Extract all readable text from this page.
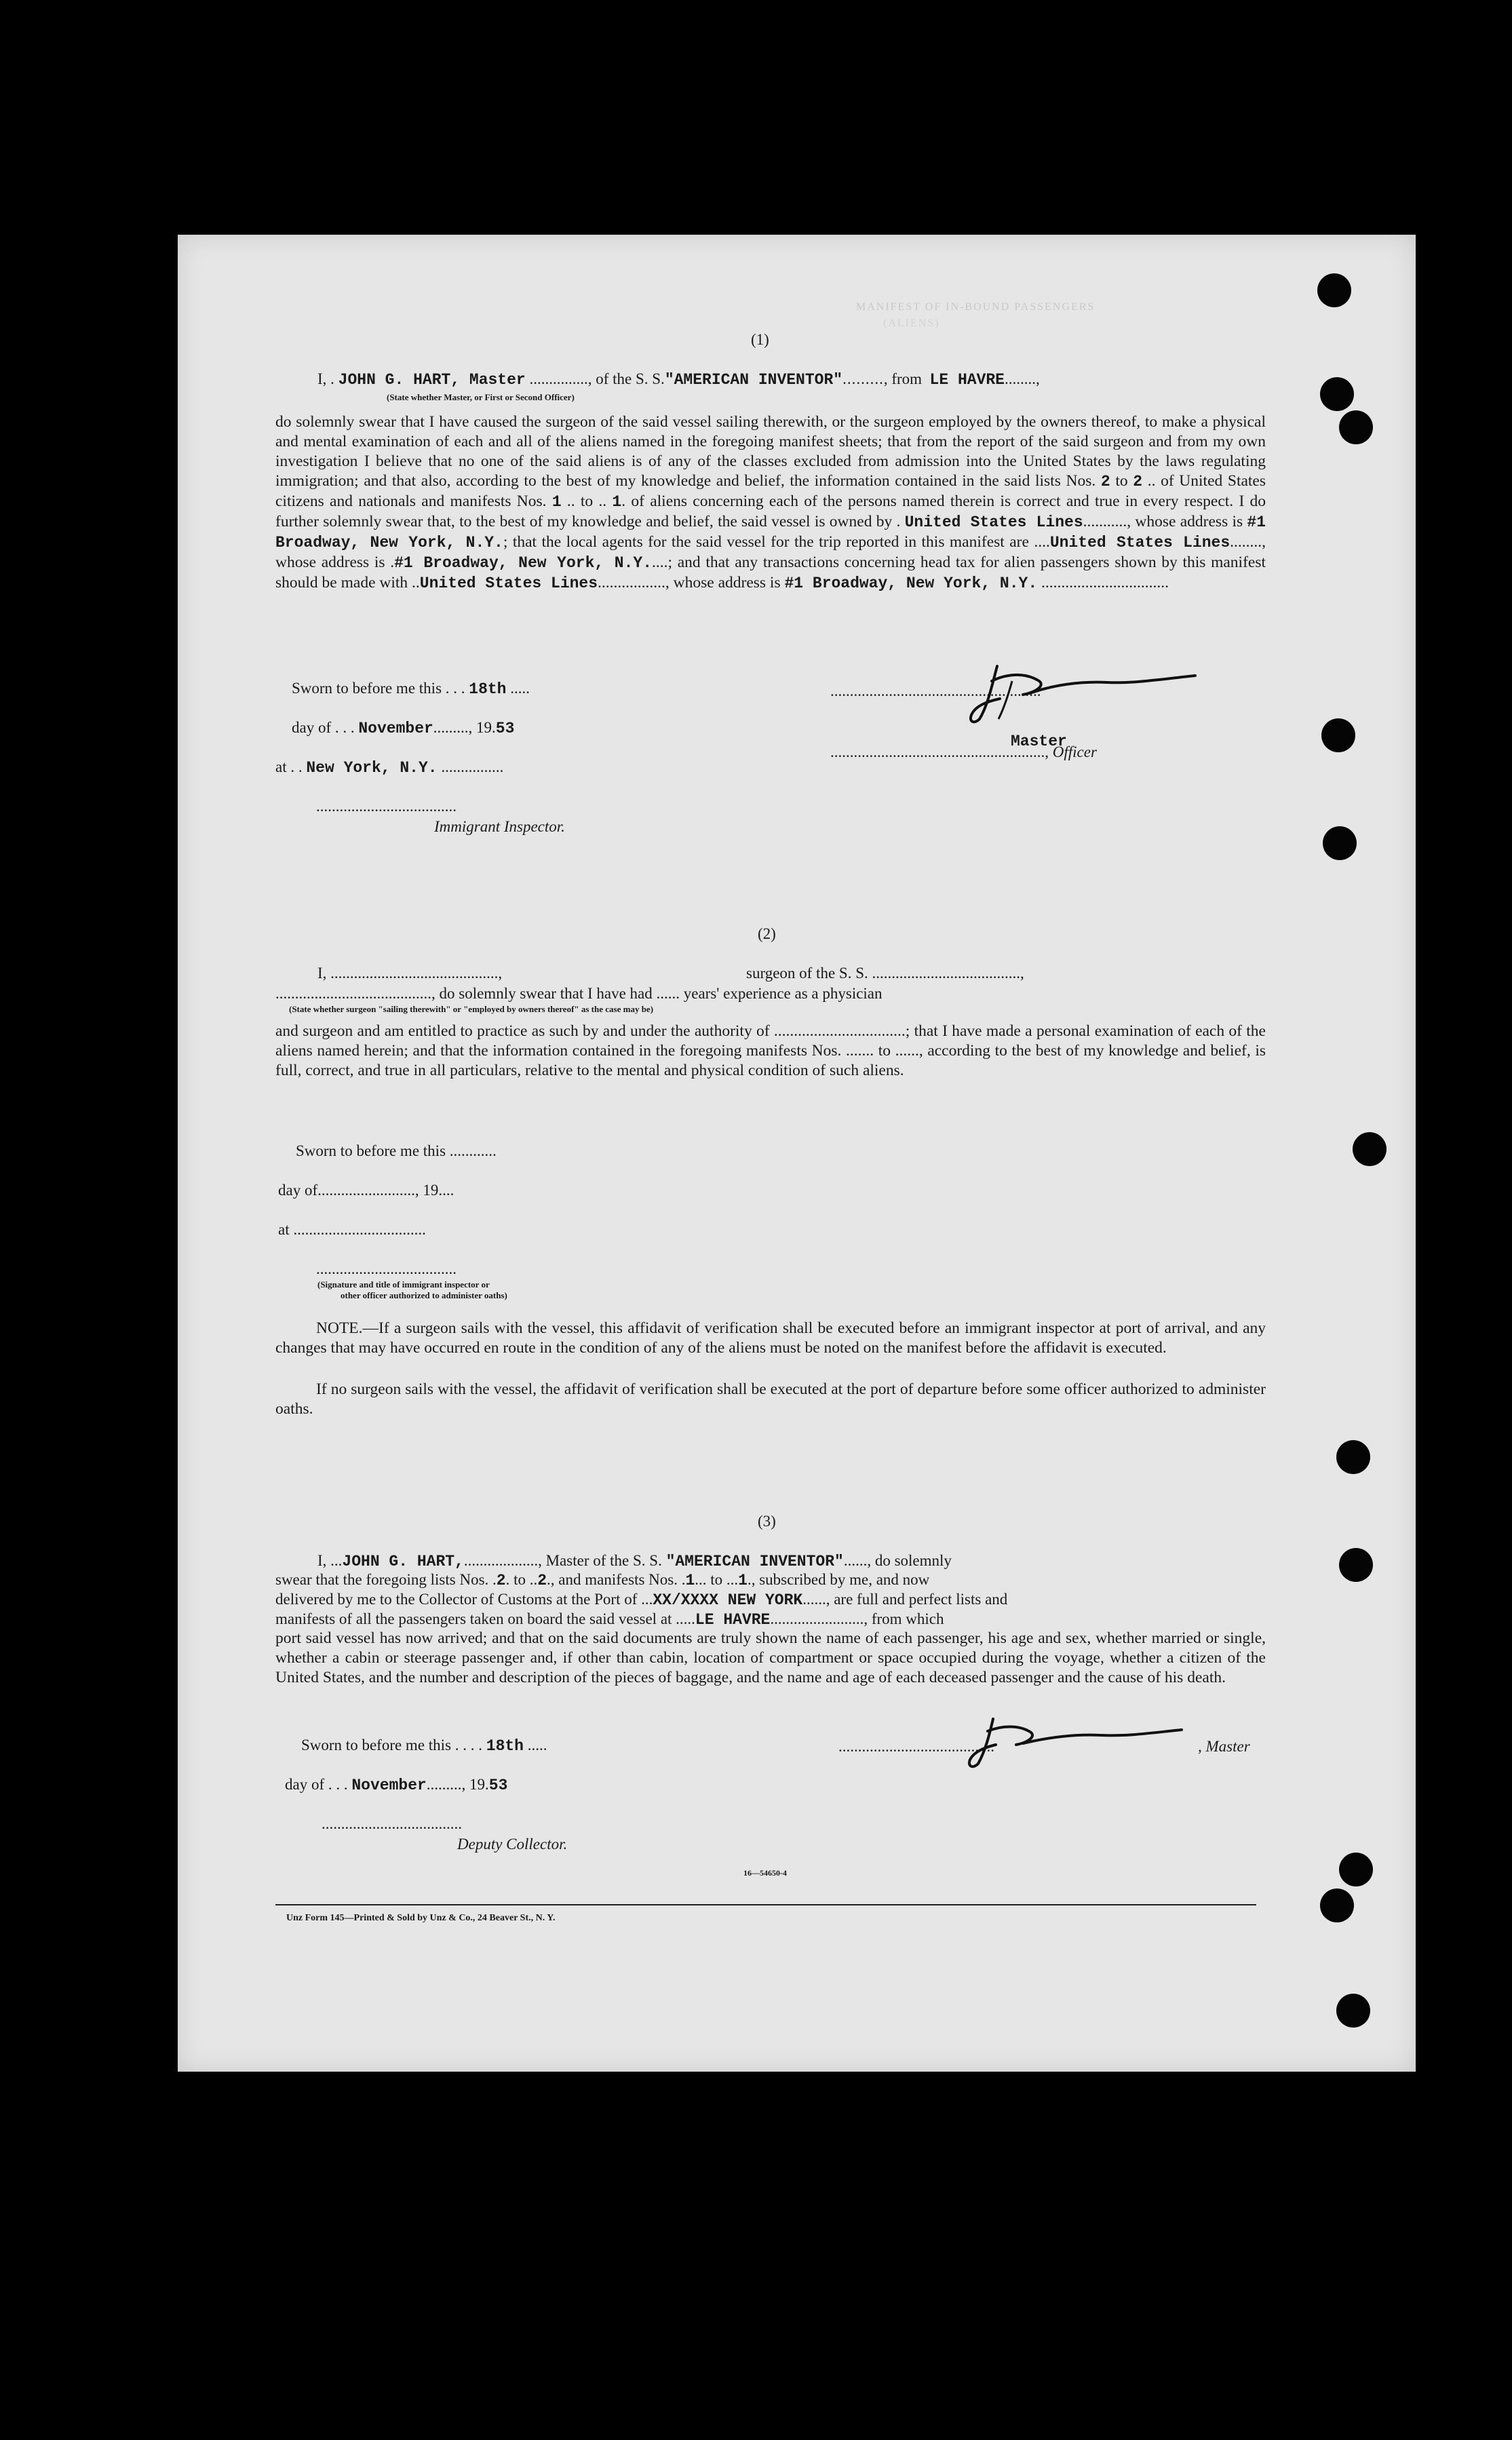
MANIFEST OF IN-BOUND PASSENGERS
(ALIENS)
(1)
I, . JOHN G. HART, Master ..............., of the S. S."AMERICAN INVENTOR"........., from LE HAVRE........,
(State whether Master, or First or Second Officer)
do solemnly swear that I have caused the surgeon of the said vessel sailing therewith, or the surgeon employed by the owners thereof, to make a physical and mental examination of each and all of the aliens named in the foregoing manifest sheets; that from the report of the said surgeon and from my own investigation I believe that no one of the said aliens is of any of the classes excluded from admission into the United States by the laws regulating immigration; and that also, according to the best of my knowledge and belief, the information contained in the said lists Nos. 2 to 2 .. of United States citizens and nationals and manifests Nos. 1 .. to .. 1. of aliens concerning each of the persons named therein is correct and true in every respect. I do further solemnly swear that, to the best of my knowledge and belief, the said vessel is owned by . United States Lines..........., whose address is #1 Broadway, New York, N.Y.; that the local agents for the said vessel for the trip reported in this manifest are ....United States Lines........, whose address is .#1 Broadway, New York, N.Y.....; and that any transactions concerning head tax for alien passengers shown by this manifest should be made with ..United States Lines................., whose address is #1 Broadway, New York, N.Y. ................................
Sworn to before me this . . . 18th .....
day of . . . November........., 19.53
at . . New York, N.Y. ................
....................................
Immigrant Inspector.
......................................................
Master
......................................................., Officer
(2)
I, ...........................................,	surgeon of the S. S. ......................................,
........................................, do solemnly swear that I have had ...... years' experience as a physician
(State whether surgeon "sailing therewith" or "employed by owners thereof" as the case may be)
and surgeon and am entitled to practice as such by and under the authority of .................................; that I have made a personal examination of each of the aliens named herein; and that the information contained in the foregoing manifests Nos. ....... to ......, according to the best of my knowledge and belief, is full, correct, and true in all particulars, relative to the mental and physical condition of such aliens.
Sworn to before me this ............
day of........................., 19....
at ..................................
....................................
(Signature and title of immigrant inspector or
other officer authorized to administer oaths)
NOTE.—If a surgeon sails with the vessel, this affidavit of verification shall be executed before an immigrant inspector at port of arrival, and any changes that may have occurred en route in the condition of any of the aliens must be noted on the manifest before the affidavit is executed.
If no surgeon sails with the vessel, the affidavit of verification shall be executed at the port of departure before some officer authorized to administer oaths.
(3)
I, ...JOHN G. HART,..................., Master of the S. S. "AMERICAN INVENTOR"......, do solemnly
swear that the foregoing lists Nos. .2. to ..2., and manifests Nos. .1... to ...1., subscribed by me, and now
delivered by me to the Collector of Customs at the Port of ...XX/XXXX NEW YORK......, are full and perfect lists and
manifests of all the passengers taken on board the said vessel at .....LE HAVRE........................, from which
port said vessel has now arrived; and that on the said documents are truly shown the name of each passenger, his age and sex, whether married or single, whether a cabin or steerage passenger and, if other than cabin, location of compartment or space occupied during the voyage, whether a citizen of the United States, and the number and description of the pieces of baggage, and the name and age of each deceased passenger and the cause of his death.
Sworn to before me this . . . . 18th .....
day of . . . November........., 19.53
....................................
Deputy Collector.
........................................	, Master
16—54650-4
Unz Form 145—Printed & Sold by Unz & Co., 24 Beaver St., N. Y.
